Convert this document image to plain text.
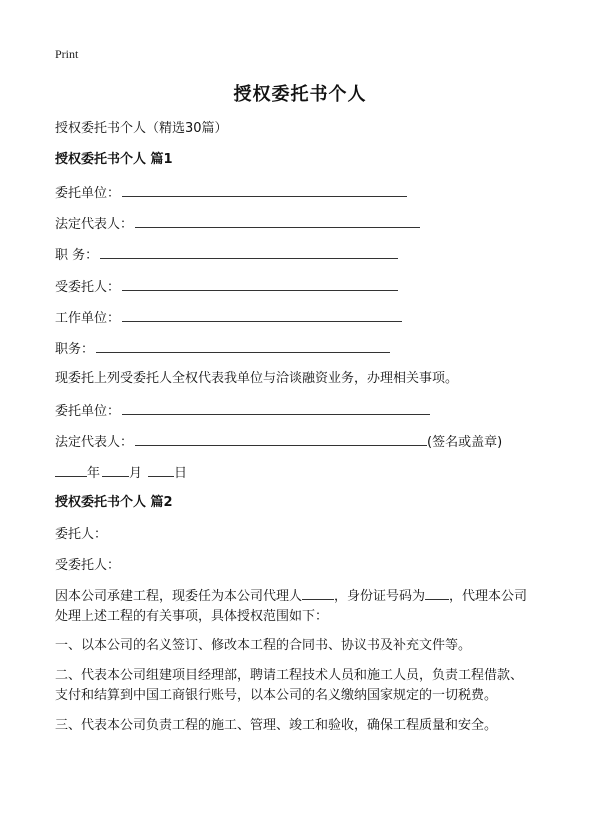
Print
授权委托书个人
授权委托书个人（精选30篇）
授权委托书个人 篇1
委托单位：
法定代表人：
职 务：
受委托人：
工作单位：
职务：
现委托上列受委托人全权代表我单位与洽谈融资业务，办理相关事项。
委托单位：
法定代表人：	(签名或盖章)
年 月 日
授权委托书个人 篇2
委托人：
受委托人：
因本公司承建工程，现委任为本公司代理人 ，身份证号码为 ，代理本公司
处理上述工程的有关事项，具体授权范围如下：
一、以本公司的名义签订、修改本工程的合同书、协议书及补充文件等。
二、代表本公司组建项目经理部，聘请工程技术人员和施工人员，负责工程借款、
支付和结算到中国工商银行账号，以本公司的名义缴纳国家规定的一切税费。
三、代表本公司负责工程的施工、管理、竣工和验收，确保工程质量和安全。
